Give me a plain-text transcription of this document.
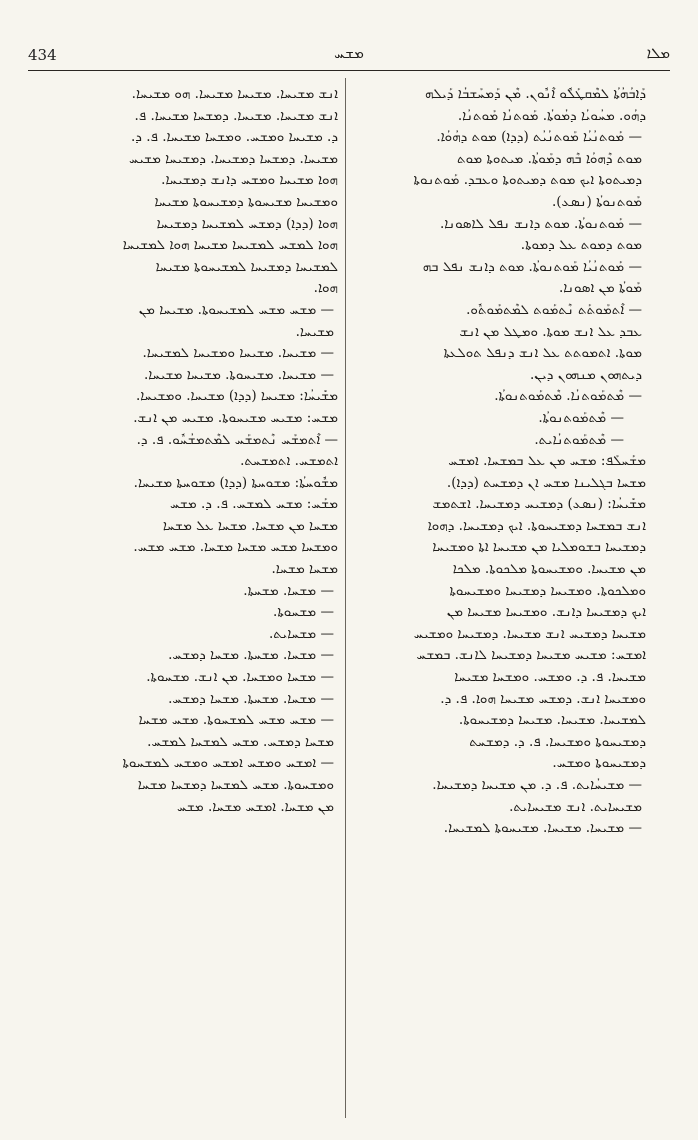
434	ܡܫܚ	ܡܠܐ
ܕܰܐܒܳܗܳܬܳܐ ܠܡܶܩܛܰܠܽܘ ܐܶܢܽܘܢ. ܡܶܢ ܕܰܡܚܰܫܒܳܐ ܕܰܝܠܗ
ܕܗܳܘ. ܡܚܳܘܝܳܐ ܕܡܳܘܬܳܐ. ܡܰܘܬܢܳܐ ܡܰܘܬܢܳܐ.
— ܡܰܘܬܢܳܝܳܐ ܡܰܘܬܢܳܝܳܬ (ܕܕܐ) ܡܘܬ ܕܗܳܘܳܐ.
ܡܘܬ ܕܶܗܘܳܐ ܒܶܗ ܕܡܰܘܬܳܐ. ܡܝܬܘܬܐ ܡܘܬ
ܕܡܝܬܘܬܐ ܐܝܟ ܡܘܬ ܕܡܝܬܘܬܐ ܘܥܒܕ. ܡܰܘܬܢܘܬܐ
ܡܰܘܬܢܘܬܳܐ (ܢܣܥ).
— ܡܰܘܬܢܘܬܳܐ. ܡܘܬ ܕܐܢܫ ܢܦܠ ܠܐܣܘܢܐ.
ܡܘܬ ܕܡܘܬ ܥܠ ܕܡܘܬܐ.
— ܡܰܘܬܢܳܝܳܐ ܡܰܘܬܢܘܬܳܐ. ܡܘܬ ܕܐܢܫ ܢܦܠ ܒܗ
ܡܰܘܬܳܐ ܡܢ ܐܣܘܢܐ.
— ܐܶܬܡܰܘܬܰܬ ܢܶܬܡܰܘܬ ܠܡܶܬܡܰܘܬܽܘ.
ܥܒܕ ܥܠ ܐܢܫ ܡܘܬܐ. ܘܡܛܠ ܡܢ ܐܢܫ
ܡܘܬܐ. ܐܬܡܘܬܬ ܥܠ ܐܢܫ ܕܢܦܠ ܬܘܠܥܬܐ
ܕܝܬܗܘܢ ܡܢܗܘܢ ܕܝܢ.
— ܡܶܬܡܰܘܬܢܳܐ. ܡܶܬܡܰܘܬܢܘܬܳܐ.
— ܡܶܬܡܰܘܬܢܘܬܳܐ.
— ܡܶܬܡܰܘܬܢܳܐܝܬ.
ܡܫܰܚܠܰܦ: ܡܫܚ ܡܢ ܥܠ ܒܡܫܚܐ. ܐܡܫܚ
ܡܫܚܐ ܒܓܠܝܢܐ ܡܫܚ ܐܢ ܕܡܫܚܬ (ܕܕܐ).
ܡܫܺܝܚܳܐ: (ܢܣܥ) ܕܡܫܝܚ ܕܡܫܝܚܐ. ܐܫܬܡܫ
ܐܢܫ ܒܡܫܚܐ ܕܡܫܝܚܘܬܐ. ܐܝܟ ܕܡܫܝܚܐ. ܕܗܘܐ
ܕܡܫܝܚܐ ܒܫܘܡܠܝܐ ܡܢ ܡܫܝܚܐ ܐܬܐ ܘܡܫܝܚܐ
ܡܢ ܡܫܝܚܐ. ܘܡܫܝܚܘܬܐ ܡܠܟܘܬܐ. ܡܠܟܐ
ܘܡܠܟܘܬܐ. ܘܡܫܝܚܐ ܕܡܫܝܚܐ ܘܡܫܝܚܘܬܐ
ܐܝܟ ܕܡܫܝܚܐ ܕܐܢܫ. ܘܡܫܝܚܐ ܡܫܝܚܐ ܡܢ
ܡܫܝܚܐ ܕܡܫܝܚ ܐܢܫ ܡܫܝܚܐ. ܕܡܫܝܚܐ ܘܡܫܝܚ
ܐܡܫܚ: ܡܫܝܚ ܡܫܝܚܐ ܕܡܫܝܚܐ ܠܐܢܫ. ܒܡܫܚ
ܡܫܝܚܐ. ܦ. ܕ. ܘܡܫܚ. ܘܡܫܚܐ ܡܫܝܚܐ
ܘܡܫܝܚܐ ܐܢܫ. ܕܡܫܚ ܡܫܝܚܐ ܗܘܐ. ܦ. ܕ.
ܠܡܫܝܚܐ. ܡܫܝܚܐ. ܡܫܝܚܐ ܕܡܫܝܚܘܬܐ.
ܕܡܫܝܚܘܬܐ ܘܡܫܝܚܐ. ܦ. ܕ. ܕܡܫܚܬ
ܕܡܫܝܚܘܬܐ ܘܡܫܚ.
— ܡܫܝܚܳܐܝܬ. ܦ. ܕ. ܡܢ ܡܫܝܚܐ ܕܡܫܝܚܐ.
ܡܫܝܚܐܝܬ. ܐܢܫ ܡܫܝܚܐܝܬ.
— ܡܫܝܚܐ. ܡܫܝܚܐ. ܡܫܝܚܘܬܐ ܠܡܫܝܚܐ.
ܐܢܫ ܡܫܝܚܐ. ܡܫܝܚܐ ܡܫܝܚܐ. ܗܘ ܡܫܝܚܐ.
ܐܢܫ ܡܫܝܚܐ. ܡܫܝܚܐ. ܕܡܫܚܐ ܡܫܝܚܐ. ܦ.
ܕ. ܡܫܝܚܐ ܘܡܫܚ. ܘܡܫܚܐ ܡܫܝܚܐ. ܦ. ܕ.
ܡܫܝܚܐ. ܕܡܫܚܐ ܕܡܫܝܚܐ. ܕܡܫܝܚܐ ܡܫܝܚ
ܗܘܐ ܡܫܝܚܐ ܘܡܫܚ ܕܐܢܫ ܕܡܫܝܚܐ.
ܘܡܫܝܚܐ ܡܫܝܚܘܬܐ ܕܡܫܝܚܘܬܐ ܡܫܝܚܐ
ܗܘܐ (ܕܕܐ) ܕܡܫܚ ܠܡܫܝܚܐ ܕܡܫܝܚܐ
ܗܘܐ ܠܡܫܚ ܠܡܫܝܚܐ ܡܫܝܚܐ ܗܘܐ ܠܡܫܝܚܐ
ܠܡܫܝܚܐ ܕܡܫܝܚܐ ܠܡܫܝܚܘܬܐ ܡܫܝܚܐ
ܗܘܐ.
— ܡܫܚ ܡܫܚ ܠܡܫܝܚܘܬܐ. ܡܫܝܚܐ ܡܢ
ܡܫܝܚܐ.
— ܡܫܝܚܐ. ܡܫܝܚܐ ܘܡܫܝܚܐ ܠܡܫܝܚܐ.
— ܡܫܝܚܐ. ܡܫܝܚܘܬܐ. ܡܫܝܚܐ ܡܫܝܚܐ.
ܡܫܺܝܚܳܐ: ܡܫܝܚܐ (ܕܕܐ) ܡܫܝܚܐ. ܘܡܫܝܚܐ.
ܡܫܚ: ܡܫܝܚ ܡܫܝܚܘܬܐ. ܡܫܝܚ ܡܢ ܐܢܫ.
— ܐܶܬܡܫܰܚ ܢܶܬܡܫܰܚ ܠܡܶܬܡܫܳܚܽܘ. ܦ. ܕ.
ܐܬܡܫܚ. ܐܬܡܫܚܬ.
ܡܫܽܘܚܬܳܐ: ܡܫܘܚܬܐ (ܕܕܐ) ܡܫܘܚܬܐ ܡܫܝܚܐ.
ܡܫܰܚ: ܡܫܚ ܠܡܫܚ. ܦ. ܕ. ܡܫܚ
ܡܫܚܐ ܡܢ ܡܫܚܐ. ܡܫܚܐ ܥܠ ܡܫܚܐ
ܘܡܫܚܐ ܡܫܚ ܡܫܚܐ ܡܫܚܐ. ܡܫܚ ܡܫܚ.
ܡܫܚܐ ܡܫܚܐ.
— ܡܫܚܐ. ܡܫܚܬܐ.
— ܡܫܚܘܬܐ.
— ܡܫܚܐܝܬ.
— ܡܫܚܐ. ܡܫܚܬܐ. ܡܫܚܐ ܕܡܫܚ.
— ܡܫܚܐ ܘܡܫܚܐ. ܡܢ ܐܢܫ. ܡܫܚܘܬܐ.
— ܡܫܚܐ. ܡܫܚܬܐ. ܡܫܚܐ ܕܡܫܚ.
— ܡܫܚ ܡܫܚ ܠܡܫܚܘܬܐ. ܡܫܚ ܡܫܚܐ
ܡܫܚܐ ܕܡܫܚ. ܡܫܚ ܠܡܫܚܐ ܠܡܫܚ.
— ܐܡܫܚ ܘܡܫܚ ܐܡܫܚ ܘܡܫܚ ܠܡܫܚܘܬܐ
ܘܡܫܚܘܬܐ. ܡܫܚ ܠܡܫܚܐ ܕܡܫܚܐ ܡܫܚܐ
ܡܢ ܡܫܚܐ. ܐܡܫܚ ܡܫܚܐ. ܡܫܚ
